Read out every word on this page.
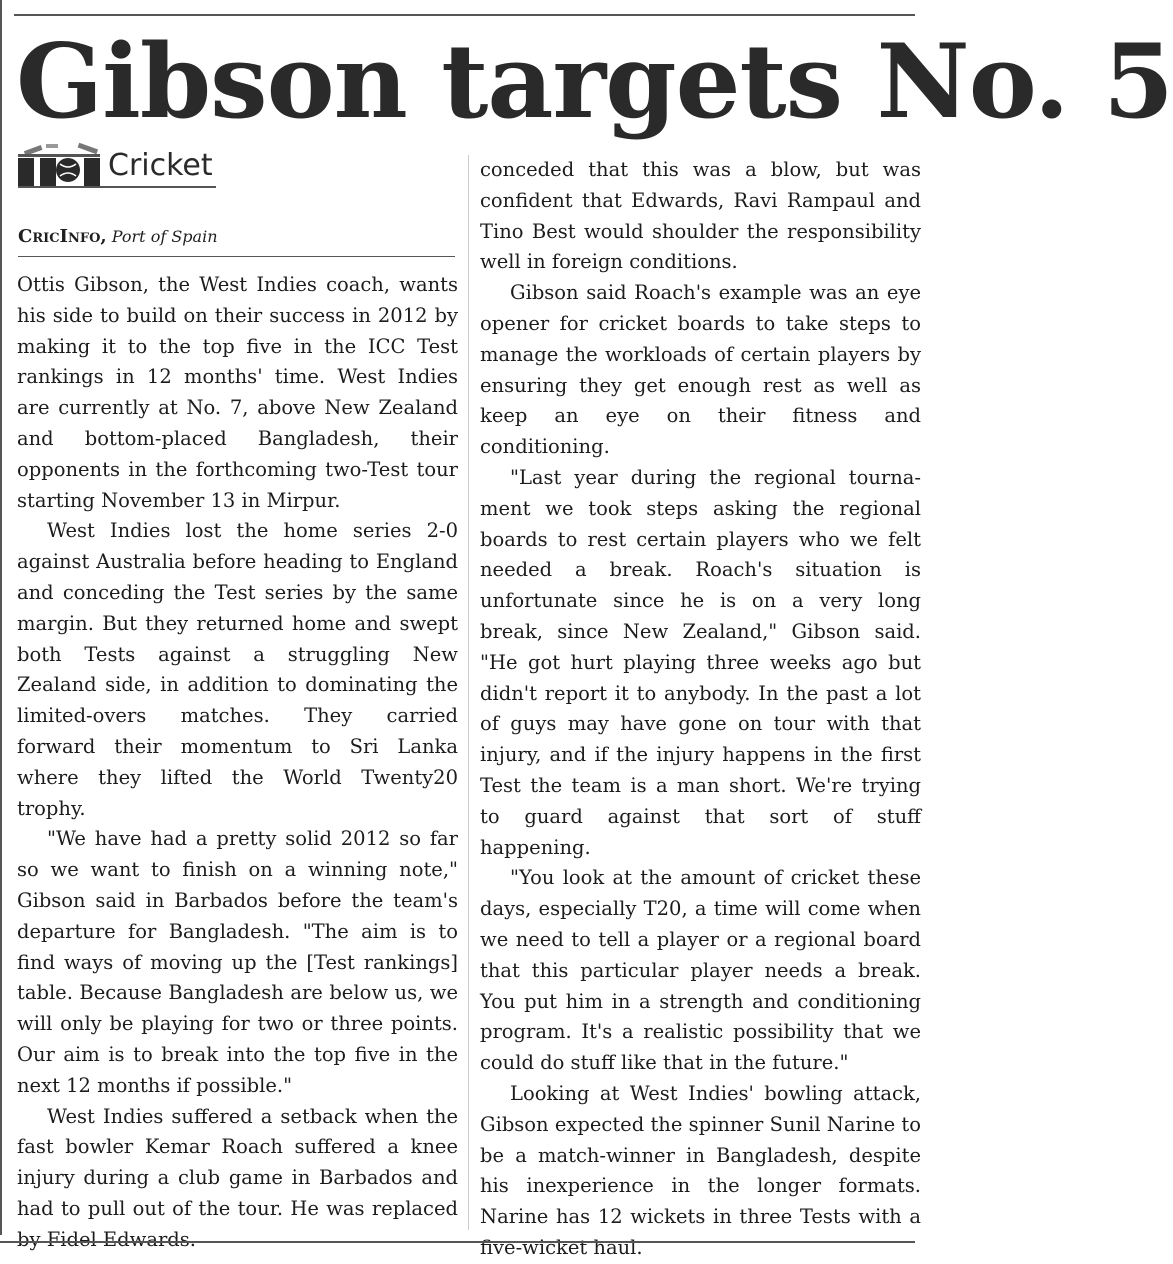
Gibson targets No. 5
Cricket
CricInfo, Port of Spain

Ottis Gibson, the West Indies coach, wants his side to build on their success in 2012 by making it to the top five in the ICC Test rankings in 12 months' time. West Indies are currently at No. 7, above New Zealand and bottom-placed Bangladesh, their opponents in the forthcoming two-Test tour starting November 13 in Mirpur.

West Indies lost the home series 2-0 against Australia before heading to England and conceding the Test series by the same margin. But they returned home and swept both Tests against a struggling New Zealand side, in addition to dominating the limited-overs matches. They carried forward their momentum to Sri Lanka where they lifted the World Twenty20 trophy.

"We have had a pretty solid 2012 so far so we want to finish on a winning note," Gibson said in Barbados before the team's departure for Bangladesh. "The aim is to find ways of moving up the [Test rankings] table. Because Bangladesh are below us, we will only be playing for two or three points. Our aim is to break into the top five in the next 12 months if possible."

West Indies suffered a setback when the fast bowler Kemar Roach suffered a knee injury during a club game in Barbados and had to pull out of the tour. He was replaced by Fidel Edwards.

conceded that this was a blow, but was confident that Edwards, Ravi Rampaul and Tino Best would shoulder the responsibility well in foreign conditions.

Gibson said Roach's example was an eye opener for cricket boards to take steps to manage the workloads of certain players by ensuring they get enough rest as well as keep an eye on their fitness and conditioning.

"Last year during the regional tournament we took steps asking the regional boards to rest certain players who we felt needed a break. Roach's situation is unfortunate since he is on a very long break, since New Zealand," Gibson said. "He got hurt playing three weeks ago but didn't report it to anybody. In the past a lot of guys may have gone on tour with that injury, and if the injury happens in the first Test the team is a man short. We're trying to guard against that sort of stuff happening.

"You look at the amount of cricket these days, especially T20, a time will come when we need to tell a player or a regional board that this particular player needs a break. You put him in a strength and conditioning program. It's a realistic possibility that we could do stuff like that in the future."

Looking at West Indies' bowling attack, Gibson expected the spinner Sunil Narine to be a match-winner in Bangladesh, despite his inexperience in the longer formats. Narine has 12 wickets in three Tests with a five-wicket haul.
